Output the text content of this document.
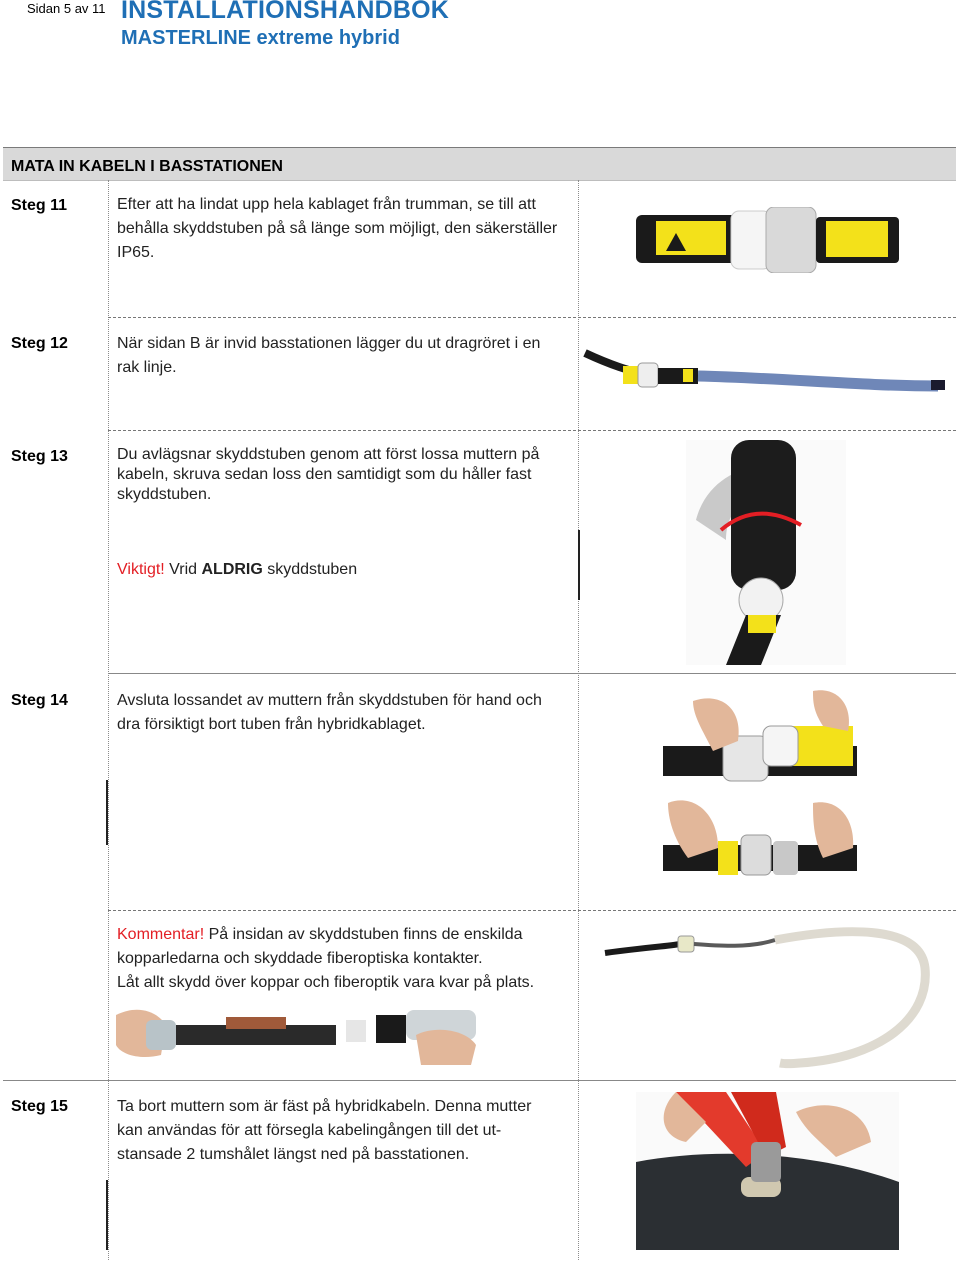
Sidan 5 av 11 INSTALLATIONSHANDBOK
MASTERLINE extreme hybrid
MATA IN KABELN I BASSTATIONEN
Steg 11	Efter att ha lindat upp hela kablaget från trumman, se till att behålla skyddstuben på så länge som möjligt, den säkerställer IP65.
Steg 12	När sidan B är invid basstationen lägger du ut dragröret i en rak linje.
Steg 13	Du avlägsnar skyddstuben genom att först lossa muttern på kabeln, skruva sedan loss den samtidigt som du håller fast skyddstuben.
Viktigt! Vrid ALDRIG skyddstuben
Steg 14	Avsluta lossandet av muttern från skyddstuben för hand och dra försiktigt bort tuben från hybridkablaget.
Kommentar! På insidan av skyddstuben finns de enskilda kopparledarna och skyddade fiberoptiska kontakter.
Låt allt skydd över koppar och fiberoptik vara kvar på plats.
Steg 15	Ta bort muttern som är fäst på hybridkabeln. Denna mutter kan användas för att försegla kabelingången till det ut-stansade 2 tumshålet längst ned på basstationen.
